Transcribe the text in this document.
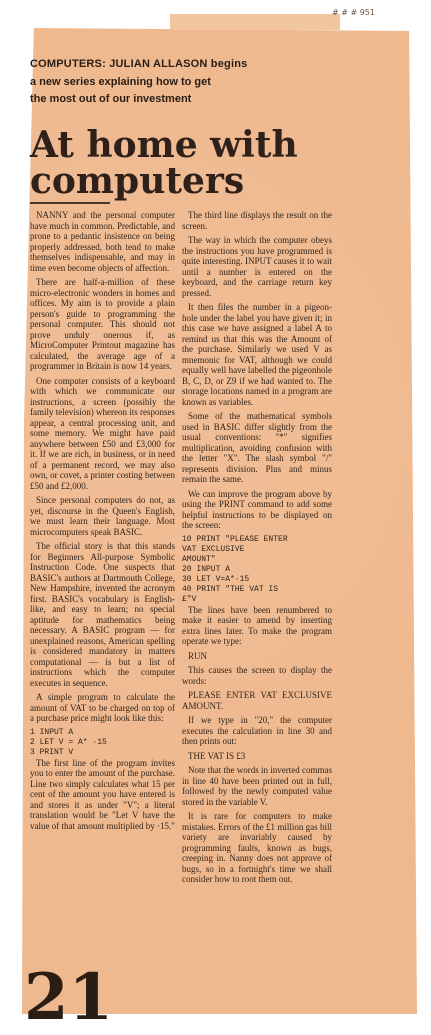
# # # 951
COMPUTERS: JULIAN ALLASON begins
a new series explaining how to get
the most out of our investment
At home with computers

NANNY and the personal computer have much in common. Predictable, and prone to a pedantic insistence on being properly addressed, both tend to make themselves indispensable, and may in time even become objects of affection.

There are half-a-million of these micro-electronic wonders in homes and offices. My aim is to provide a plain person's guide to programming the personal computer. This should not prove unduly onerous if, as MicroComputer Printout magazine has calculated, the average age of a programmer in Britain is now 14 years.

One computer consists of a keyboard with which we communicate our instructions, a screen (possibly the family television) whereon its responses appear, a central processing unit, and some memory. We might have paid anywhere between £50 and £3,000 for it. If we are rich, in business, or in need of a permanent record, we may also own, or covet, a printer costing between £50 and £2,000.

Since personal computers do not, as yet, discourse in the Queen's English, we must learn their language. Most microcomputers speak BASIC.

The official story is that this stands for Beginners All-purpose Symbolic Instruction Code. One suspects that BASIC's authors at Dartmouth College, New Hampshire, invented the acronym first. BASIC's vocabulary is English-like, and easy to learn; no special aptitude for mathematics being necessary. A BASIC program — for unexplained reasons, American spelling is considered mandatory in matters computational — is but a list of instructions which the computer executes in sequence.

A simple program to calculate the amount of VAT to be charged on top of a purchase price might look like this:

1 INPUT A
2 LET V = A* ·15
3 PRINT V

The first line of the program invites you to enter the amount of the purchase. Line two simply calculates what 15 per cent of the amount you have entered is and stores it as under "V"; a literal translation would be "Let V have the value of that amount multiplied by ·15."

The third line displays the result on the screen.

The way in which the computer obeys the instructions you have programmed is quite interesting. INPUT causes it to wait until a number is entered on the keyboard, and the carriage return key pressed.

It then files the number in a pigeon-hole under the label you have given it; in this case we have assigned a label A to remind us that this was the Amount of the purchase. Similarly we used V as mnemonic for VAT, although we could equally well have labelled the pigeonhole B, C, D, or Z9 if we had wanted to. The storage locations named in a program are known as variables.

Some of the mathematical symbols used in BASIC differ slightly from the usual conventions: "*" signifies multiplication, avoiding confusion with the letter "X". The slash symbol "/" represents division. Plus and minus remain the same.

We can improve the program above by using the PRINT command to add some helpful instructions to be displayed on the screen:

10 PRINT "PLEASE ENTER
VAT EXCLUSIVE
AMOUNT"
20 INPUT A
30 LET V=A*·15
40 PRINT "THE VAT IS
£"V

The lines have been renumbered to make it easier to amend by inserting extra lines later. To make the program operate we type:

RUN

This causes the screen to display the words:

PLEASE ENTER VAT EXCLUSIVE AMOUNT.

If we type in "20," the computer executes the calculation in line 30 and then prints out:

THE VAT IS £3

Note that the words in inverted commas in line 40 have been printed out in full, followed by the newly computed value stored in the variable V.

It is rare for computers to make mistakes. Errors of the £1 million gas bill variety are invariably caused by programming faults, known as bugs, creeping in. Nanny does not approve of bugs, so in a fortnight's time we shall consider how to root them out.

21
